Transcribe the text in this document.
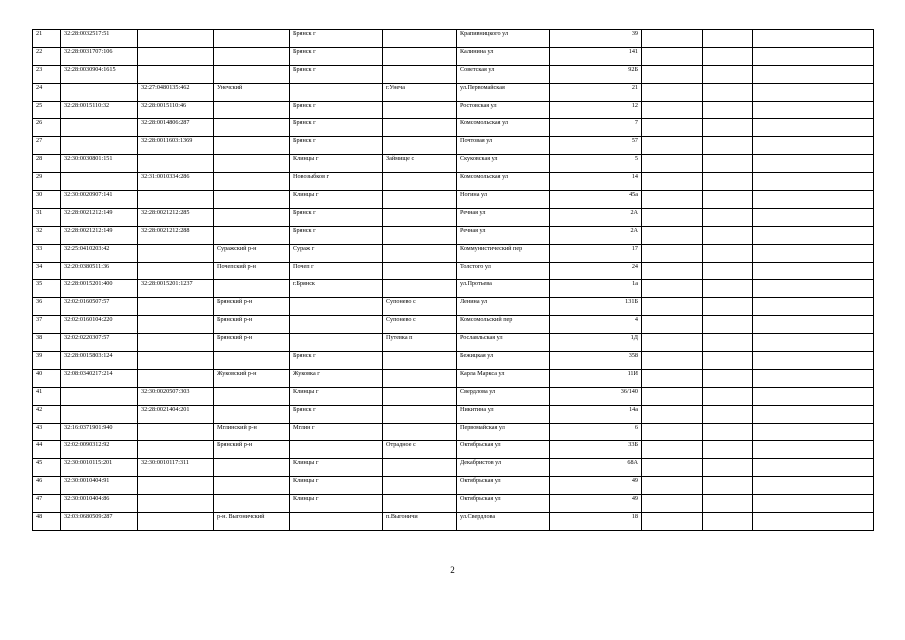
21	32:28:0032517:51			Брянск г		Крапивницкого ул	39			
22	32:28:0031707:106			Брянск г		Калинина ул	141			
23	32:28:0030904:1615			Брянск г		Советская ул	92Б			
24		32:27:0480135:462	Унечский		г.Унеча	ул.Первомайская	21			
25	32:28:0015110:32	32:28:0015110:46		Брянск г		Ростовская ул	12			
26		32:28:0014806:287		Брянск г		Комсомольская ул	7			
27		32:28:0011603:1369		Брянск г		Почтовая ул	57			
28	32:30:0030801:151			Клинцы г	Займище с	Скуковская ул	5			
29		32:31:0010334:286		Новозыбков г		Комсомольская ул	14			
30	32:30:0020907:141			Клинцы г		Ногина ул	45а			
31	32:28:0021212:149	32:28:0021212:285		Брянск г		Речная ул	2А			
32	32:28:0021212:149	32:28:0021212:288		Брянск г		Речная ул	2А			
33	32:25:0410203:42		Суражский р-н	Сураж г		Коммунистический пер	17			
34	32:20:0380511:36		Почепский р-н	Почеп г		Толстого ул	24			
35	32:28:0015201:400	32:28:0015201:1237		г.Брянск		ул.Протьева	1а			
36	32:02:0160507:57		Брянский р-н		Супонево с	Ленина ул	131Б			
37	32:02:0160104:220		Брянский р-н		Супонево с	Комсомольский пер	4			
38	32:02:0220307:57		Брянский р-н		Путевка п	Рославльская ул	1Д			
39	32:28:0015803:124			Брянск г		Бежицкая ул	358			
40	32:08:0340217:214		Жуковский р-н	Жуковка г		Карла Маркса ул	11И			
41		32:30:0020507:303		Клинцы г		Свердлова ул	36/140			
42		32:28:0021404:201		Брянск г		Никитина ул	14а			
43	32:16:0371901:940		Мглинский р-н	Мглин г		Первомайская ул	6			
44	32:02:0090312:92		Брянский р-н		Отрадное с	Октябрьская ул	33Б			
45	32:30:0010115:201	32:30:0010117:311		Клинцы г		Декабристов ул	68А			
46	32:30:0010404:91			Клинцы г		Октябрьская ул	49			
47	32:30:0010404:86			Клинцы г		Октябрьская ул	49			
48	32:03:0680509:287		р-н. Выгоничский		п.Выгоничи	ул.Свердлова	18			
2
